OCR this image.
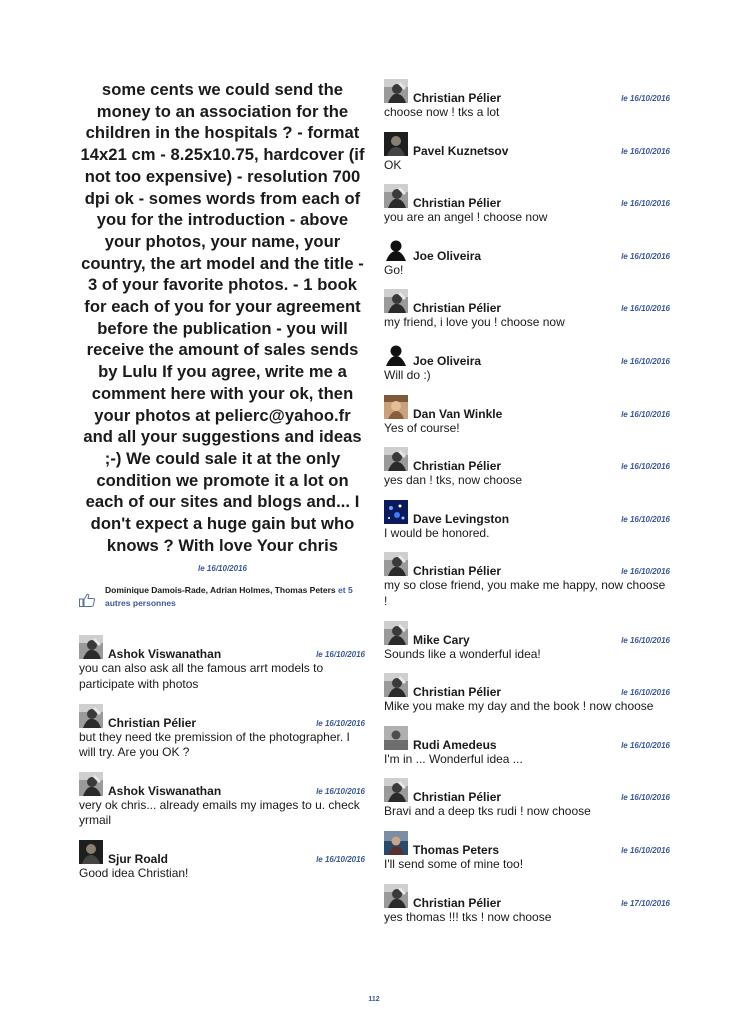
some cents we could send the money to an association for the children in the hospitals ? - format 14x21 cm - 8.25x10.75, hardcover (if not too expensive) - resolution 700 dpi ok - somes words from each of you for the introduction - above your photos, your name, your country, the art model and the title - 3 of your favorite photos. - 1 book for each of you for your agreement before the publication - you will receive the amount of sales sends by Lulu If you agree, write me a comment here with your ok, then your photos at pelierc@yahoo.fr and all your suggestions and ideas ;-) We could sale it at the only condition we promote it a lot on each of our sites and blogs and... I don't expect a huge gain but who knows ? With love Your chris
le 16/10/2016
Dominique Damois-Rade, Adrian Holmes, Thomas Peters et 5 autres personnes
Ashok Viswanathan	le 16/10/2016
you can also ask all the famous arrt models to participate with photos
Christian Pélier	le 16/10/2016
but they need tke premission of the photographer. I will try. Are you OK ?
Ashok Viswanathan	le 16/10/2016
very ok chris... already emails my images to u. check yrmail
Sjur Roald	le 16/10/2016
Good idea Christian!
Christian Pélier	le 16/10/2016
choose now ! tks a lot
Pavel Kuznetsov	le 16/10/2016
OK
Christian Pélier	le 16/10/2016
you are an angel ! choose now
Joe Oliveira	le 16/10/2016
Go!
Christian Pélier	le 16/10/2016
my friend, i love you ! choose now
Joe Oliveira	le 16/10/2016
Will do :)
Dan Van Winkle	le 16/10/2016
Yes of course!
Christian Pélier	le 16/10/2016
yes dan ! tks, now choose
Dave Levingston	le 16/10/2016
I would be honored.
Christian Pélier	le 16/10/2016
my so close friend, you make me happy, now choose !
Mike Cary	le 16/10/2016
Sounds like a wonderful idea!
Christian Pélier	le 16/10/2016
Mike you make my day and the book ! now choose
Rudi Amedeus	le 16/10/2016
I'm in ... Wonderful idea ...
Christian Pélier	le 16/10/2016
Bravi and a deep tks rudi ! now choose
Thomas Peters	le 16/10/2016
I'll send some of mine too!
Christian Pélier	le 17/10/2016
yes thomas !!! tks ! now choose
112
